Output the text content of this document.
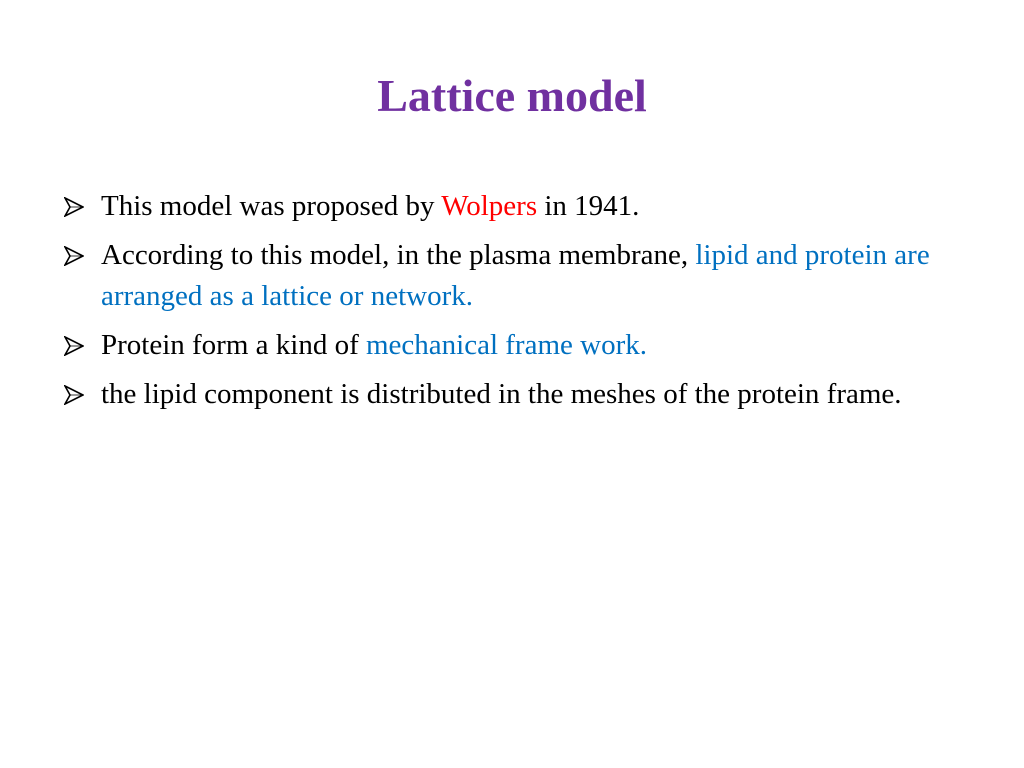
Lattice model
This model was proposed by Wolpers in 1941.
According to this model, in the plasma membrane, lipid and protein are arranged as a lattice or network.
Protein form a kind of mechanical frame work.
the lipid component is distributed in the meshes of the protein frame.
